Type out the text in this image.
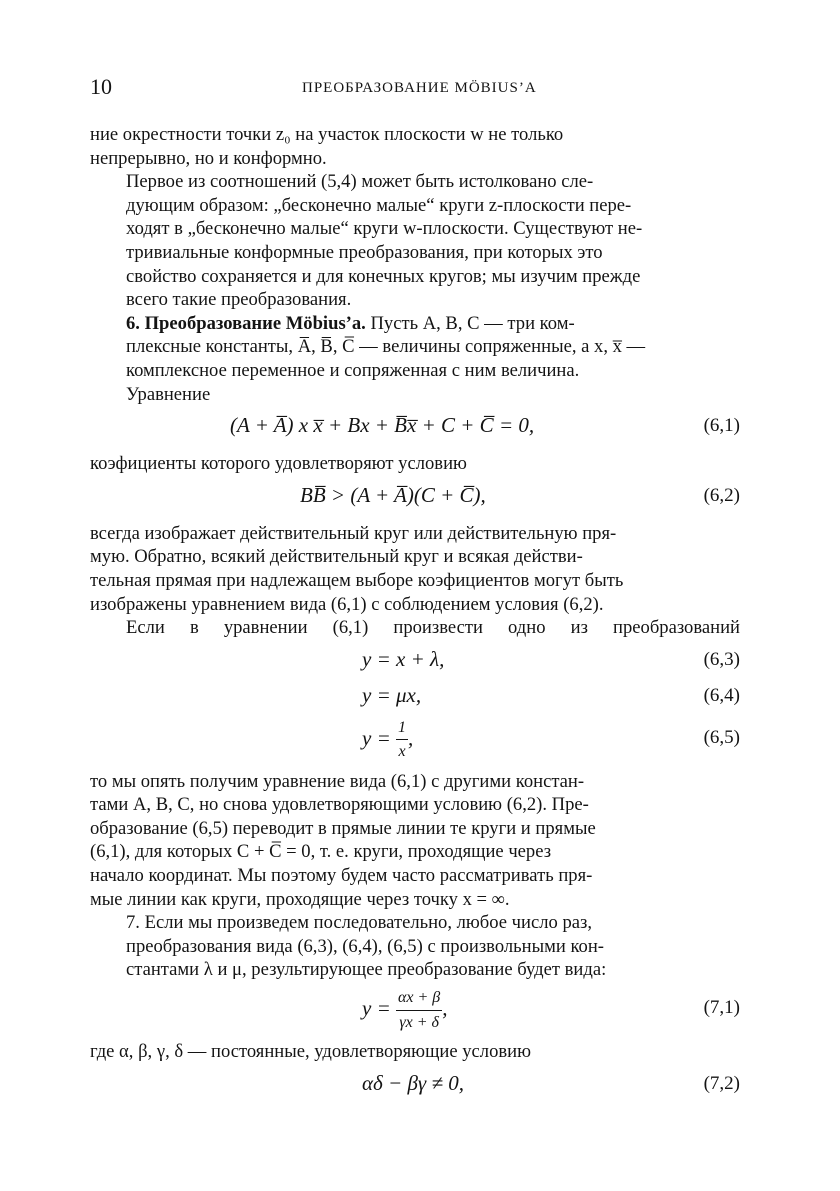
10	ПРЕОБРАЗОВАНИЕ MÖBIUS’A

ние окрестности точки z₀ на участок плоскости w не только
непрерывно, но и конформно.

Первое из соотношений (5,4) может быть истолковано сле-
дующим образом: „бесконечно малые“ круги z-плоскости пере-
ходят в „бесконечно малые“ круги w-плоскости. Существуют не-
тривиальные конформные преобразования, при которых это
свойство сохраняется и для конечных кругов; мы изучим прежде
всего такие преобразования.

6. Преобразование Möbius’a. Пусть A, B, C — три ком-
плексные константы, A̅, B̅, C̅ — величины сопряженные, а x, x̅ —
комплексное переменное и сопряженная с ним величина.

Уравнение

(A + A̅) x x̅ + Bx + B̅x̅ + C + C̅ = 0,	(6,1)

коэфициенты которого удовлетворяют условию

BB̅ > (A + A̅)(C + C̅),	(6,2)

всегда изображает действительный круг или действительную пря-
мую. Обратно, всякий действительный круг и всякая действи-
тельная прямая при надлежащем выборе коэфициентов могут быть
изображены уравнением вида (6,1) с соблюдением условия (6,2).

Если в уравнении (6,1) произвести одно из преобразований

y = x + λ,	(6,3)
y = μx,	(6,4)
$y = \frac{1}{x}$ ,	(6,5)

то мы опять получим уравнение вида (6,1) с другими констан-
тами A, B, C, но снова удовлетворяющими условию (6,2). Пре-
образование (6,5) переводит в прямые линии те круги и прямые
(6,1), для которых C + C̅ = 0, т. е. круги, проходящие через
начало координат. Мы поэтому будем часто рассматривать пря-
мые линии как круги, проходящие через точку x = ∞.

7. Если мы произведем последовательно, любое число раз,
преобразования вида (6,3), (6,4), (6,5) с произвольными кон-
стантами λ и μ, результирующее преобразование будет вида:

$y = \frac{\alpha x + \beta}{\gamma x + \delta}$ ,	(7,1)

где α, β, γ, δ — постоянные, удовлетворяющие условию

αδ − βγ ≠ 0,	(7,2)
